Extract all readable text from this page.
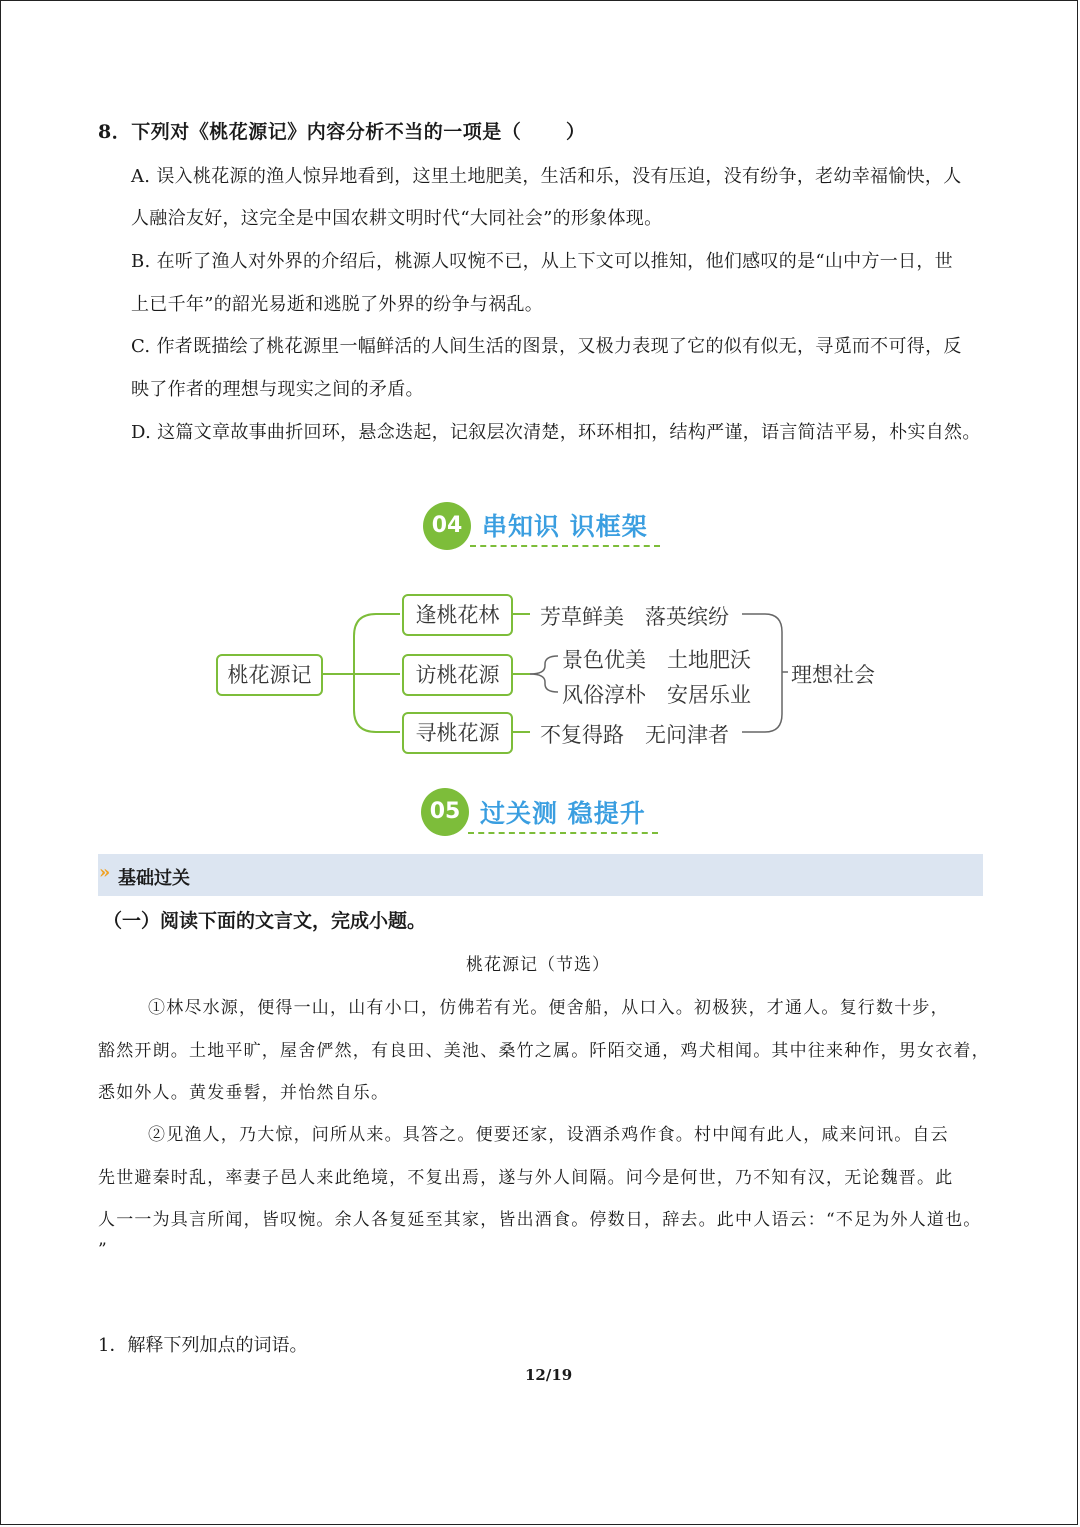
8．下列对《桃花源记》内容分析不当的一项是（ ）
A. 误入桃花源的渔人惊异地看到，这里土地肥美，生活和乐，没有压迫，没有纷争，老幼幸福愉快，人
人融洽友好，这完全是中国农耕文明时代“大同社会”的形象体现。
B. 在听了渔人对外界的介绍后，桃源人叹惋不已，从上下文可以推知，他们感叹的是“山中方一日，世
上已千年”的韶光易逝和逃脱了外界的纷争与祸乱。
C. 作者既描绘了桃花源里一幅鲜活的人间生活的图景，又极力表现了它的似有似无，寻觅而不可得，反
映了作者的理想与现实之间的矛盾。
D. 这篇文章故事曲折回环，悬念迭起，记叙层次清楚，环环相扣，结构严谨，语言简洁平易，朴实自然。
04 串知识 识框架
桃花源记
逢桃花林
访桃花源
寻桃花源
芳草鲜美　落英缤纷
景色优美　土地肥沃
风俗淳朴　安居乐业
不复得路　无问津者
理想社会
05 过关测 稳提升
» 基础过关
（一）阅读下面的文言文，完成小题。
桃花源记（节选）
①林尽水源，便得一山，山有小口，仿佛若有光。便舍船，从口入。初极狭，才通人。复行数十步，
豁然开朗。土地平旷，屋舍俨然，有良田、美池、桑竹之属。阡陌交通，鸡犬相闻。其中往来种作，男女衣着，
悉如外人。黄发垂髫，并怡然自乐。
②见渔人，乃大惊，问所从来。具答之。便要还家，设酒杀鸡作食。村中闻有此人，咸来问讯。自云
先世避秦时乱，率妻子邑人来此绝境，不复出焉，遂与外人间隔。问今是何世，乃不知有汉，无论魏晋。此
人一一为具言所闻，皆叹惋。余人各复延至其家，皆出酒食。停数日，辞去。此中人语云：“不足为外人道也。
”
1．解释下列加点的词语。
12/19
